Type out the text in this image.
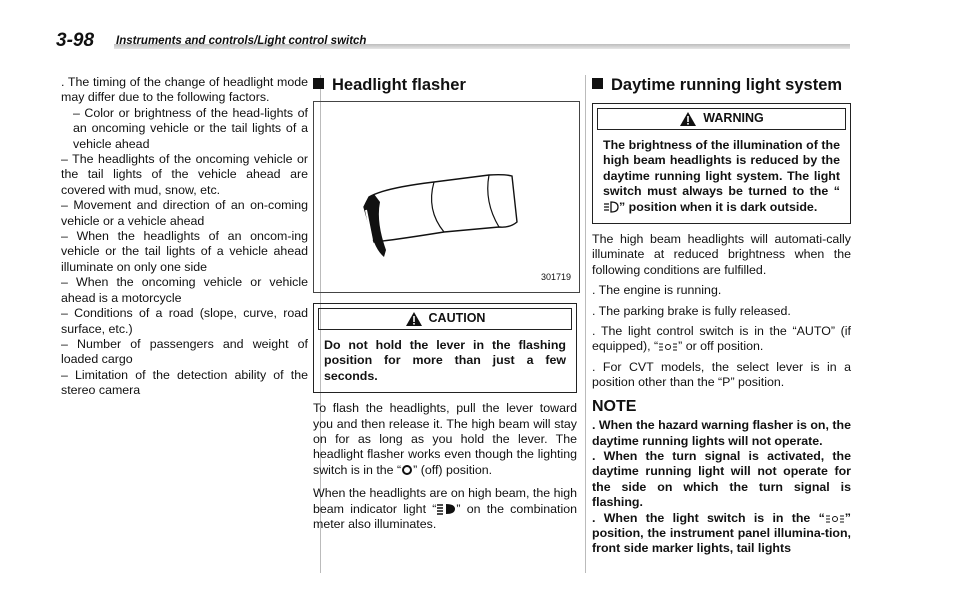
3-98 Instruments and controls/Light control switch

. The timing of the change of headlight mode may differ due to the following factors.

– Color or brightness of the head-lights of an oncoming vehicle or the tail lights of a vehicle ahead

– The headlights of the oncoming vehicle or the tail lights of the vehicle ahead are covered with mud, snow, etc.

– Movement and direction of an on-coming vehicle or a vehicle ahead

– When the headlights of an oncom-ing vehicle or the tail lights of a vehicle ahead illuminate on only one side

– When the oncoming vehicle or vehicle ahead is a motorcycle

– Conditions of a road (slope, curve, road surface, etc.)

– Number of passengers and weight of loaded cargo

– Limitation of the detection ability of the stereo camera

Headlight flasher
301719
CAUTION
Do not hold the lever in the flashing position for more than just a few seconds.

To flash the headlights, pull the lever toward you and then release it. The high beam will stay on for as long as you hold the lever. The headlight flasher works even though the lighting switch is in the “ ” (off) position.

When the headlights are on high beam, the high beam indicator light “ ” on the combination meter also illuminates.

Daytime running light system
WARNING
The brightness of the illumination of the high beam headlights is reduced by the daytime running light system. The light switch must always be turned to the “” position when it is dark outside.

The high beam headlights will automati-cally illuminate at reduced brightness when the following conditions are fulfilled.

. The engine is running.

. The parking brake is fully released.

. The light control switch is in the “AUTO” (if equipped), “ ” or off position.

. For CVT models, the select lever is in a position other than the “P” position.

NOTE

. When the hazard warning flasher is on, the daytime running lights will not operate.

. When the turn signal is activated, the daytime running light will not operate for the side on which the turn signal is flashing.

. When the light switch is in the “ ” position, the instrument panel illumina-tion, front side marker lights, tail lights
